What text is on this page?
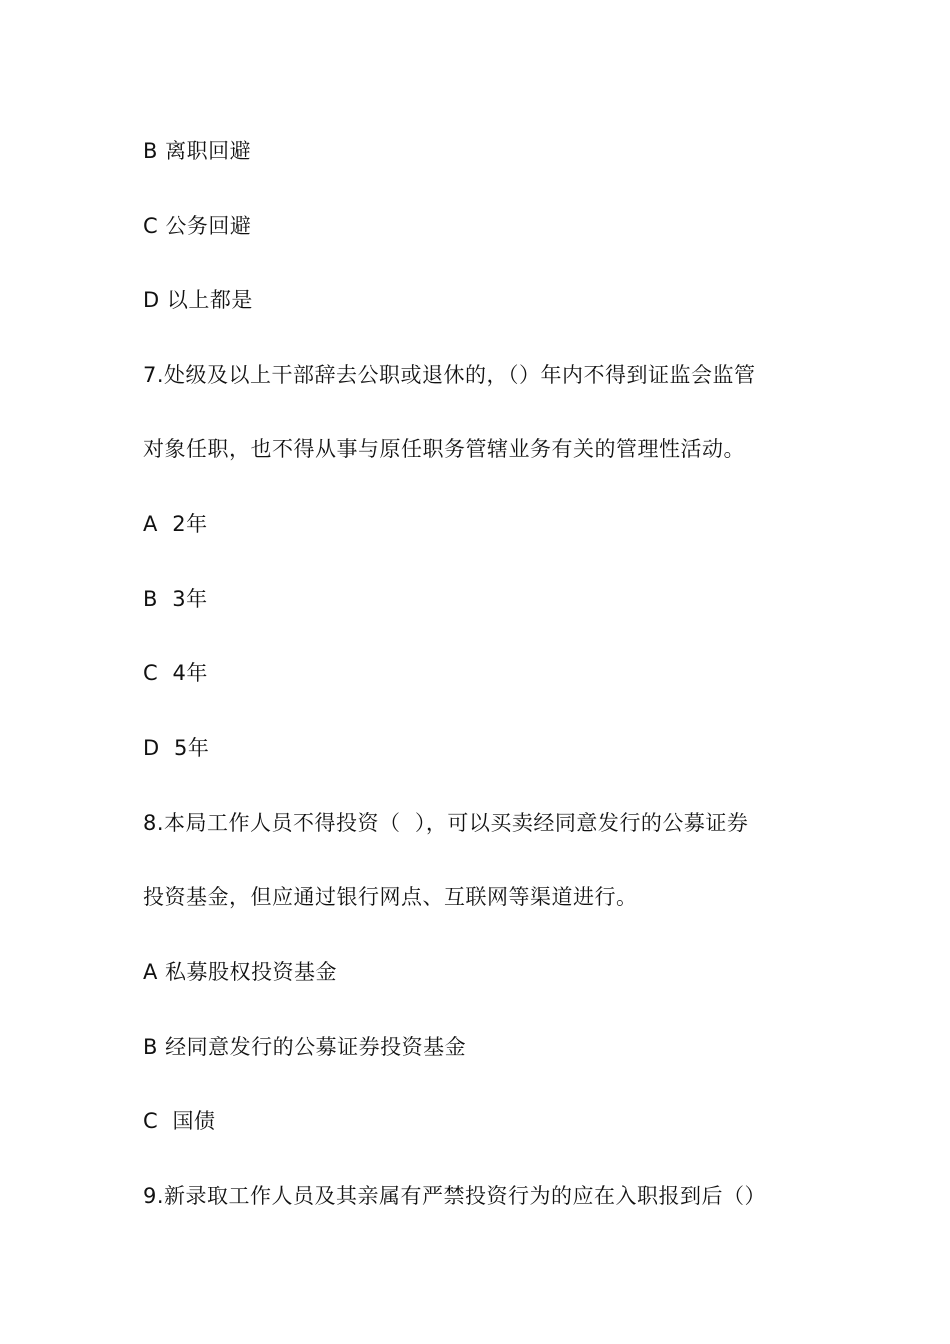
B 离职回避
C 公务回避
D 以上都是
7.处级及以上干部辞去公职或退休的，（）年内不得到证监会监管
对象任职，也不得从事与原任职务管辖业务有关的管理性活动。
A  2年
B  3年
C  4年
D  5年
8.本局工作人员不得投资（  ），可以买卖经同意发行的公募证券
投资基金，但应通过银行网点、互联网等渠道进行。
A 私募股权投资基金
B 经同意发行的公募证券投资基金
C  国债
9.新录取工作人员及其亲属有严禁投资行为的应在入职报到后（）
